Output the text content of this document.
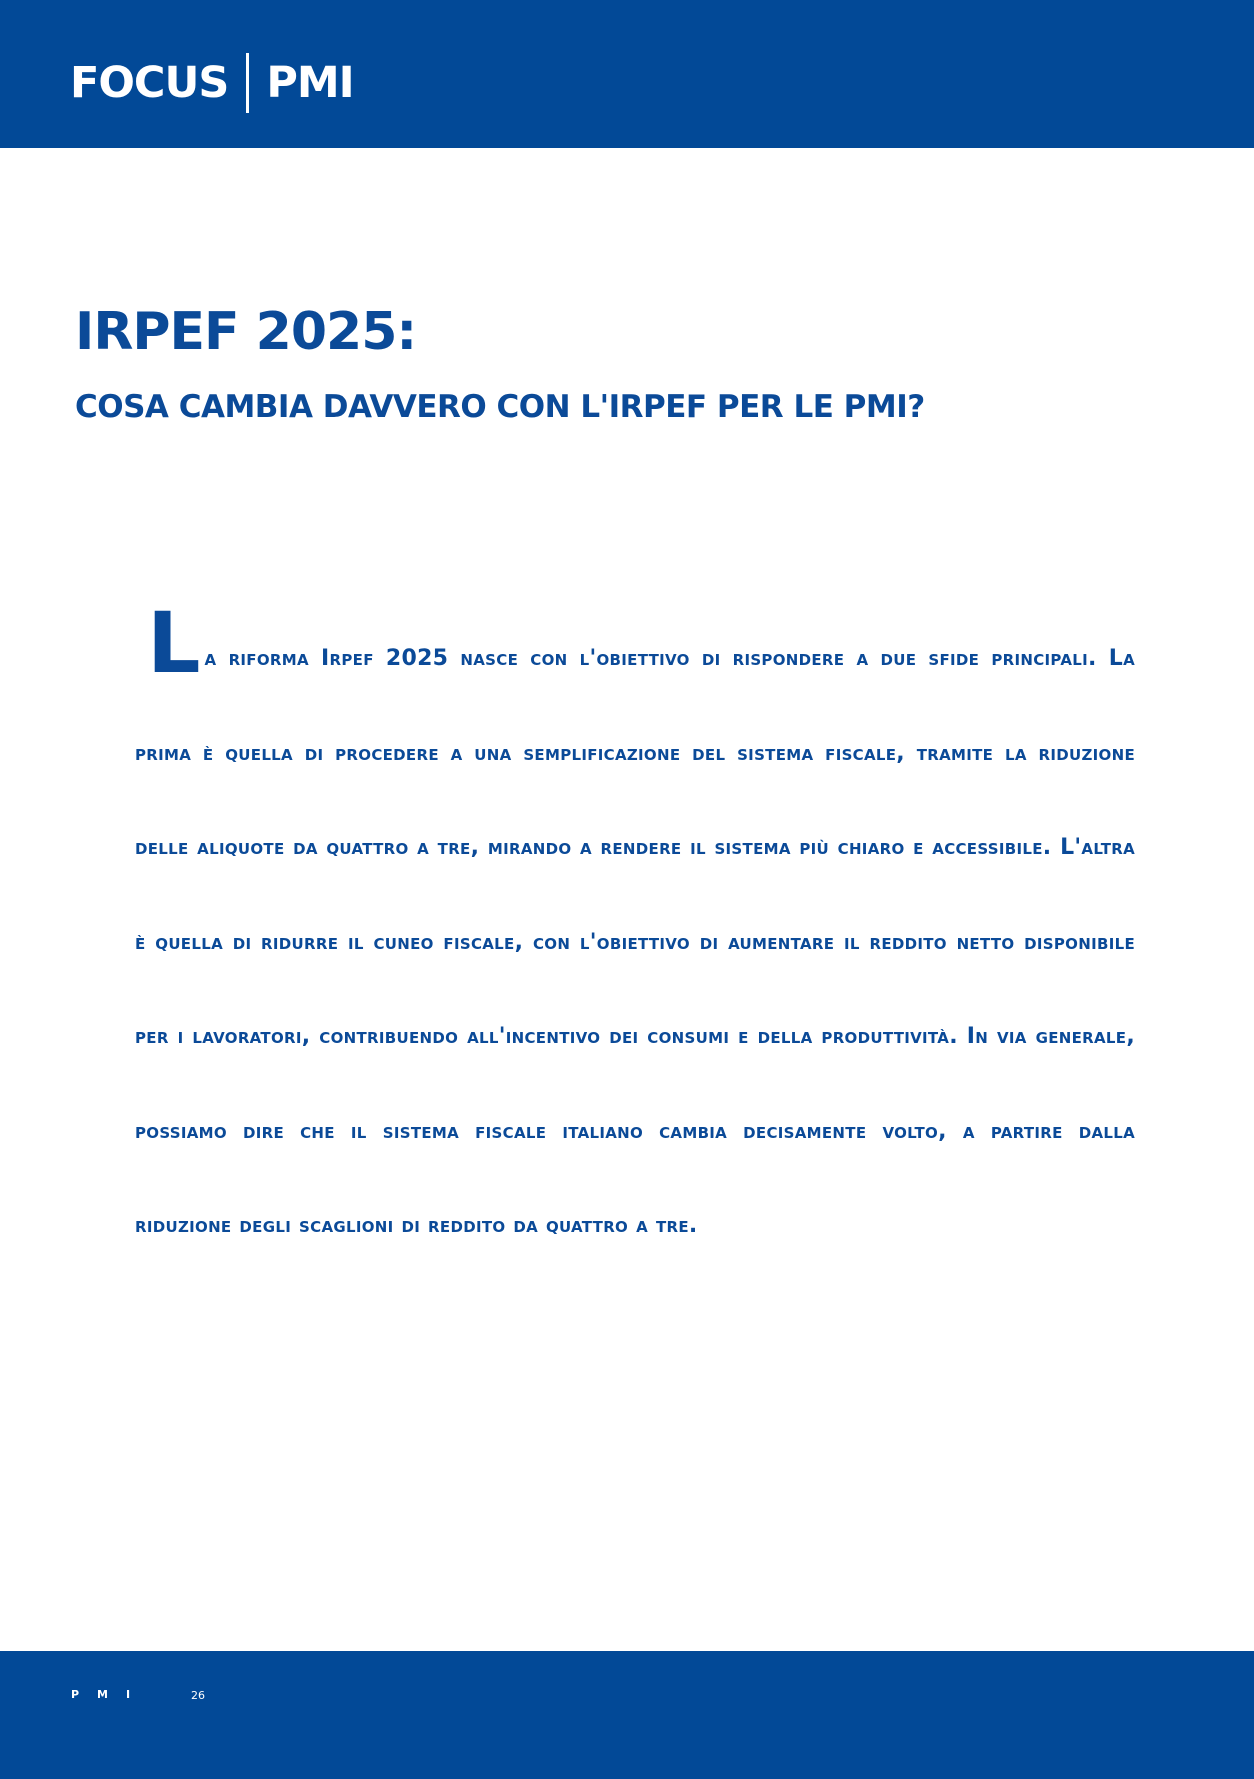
FOCUS PMI
IRPEF 2025:
COSA CAMBIA DAVVERO CON L'IRPEF PER LE PMI?

La riforma Irpef 2025 nasce con l'obiettivo di rispondere a due sfide principali. La prima è quella di procedere a una semplificazione del sistema fiscale, tramite la riduzione delle aliquote da quattro a tre, mirando a rendere il sistema più chiaro e accessibile. L'altra è quella di ridurre il cuneo fiscale, con l'obiettivo di aumentare il reddito netto disponibile per i lavoratori, contribuendo all'incentivo dei consumi e della produttività. In via generale, possiamo dire che il sistema fiscale italiano cambia decisamente volto, a partire dalla riduzione degli scaglioni di reddito da quattro a tre.

PMI	26
